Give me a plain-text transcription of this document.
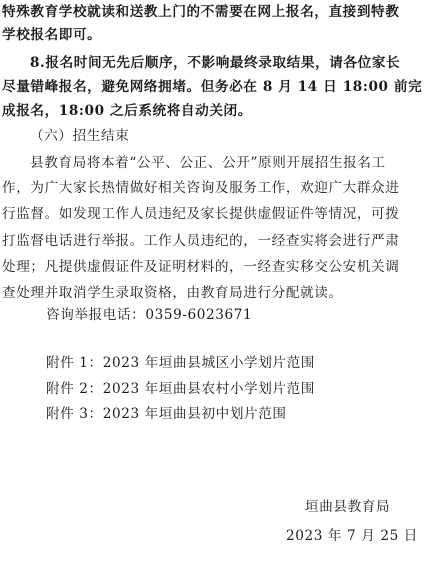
特殊教育学校就读和送教上门的不需要在网上报名，直接到特教
学校报名即可。
8.报名时间无先后顺序，不影响最终录取结果，请各位家长
尽量错峰报名，避免网络拥堵。但务必在 8 月 14 日 18:00 前完
成报名，18:00 之后系统将自动关闭。
（六）招生结束
县教育局将本着“公平、公正、公开”原则开展招生报名工
作，为广大家长热情做好相关咨询及服务工作，欢迎广大群众进
行监督。如发现工作人员违纪及家长提供虚假证件等情况，可拨
打监督电话进行举报。工作人员违纪的，一经查实将会进行严肃
处理；凡提供虚假证件及证明材料的，一经查实移交公安机关调
查处理并取消学生录取资格，由教育局进行分配就读。
咨询举报电话：0359-6023671
附件 1：2023 年垣曲县城区小学划片范围
附件 2：2023 年垣曲县农村小学划片范围
附件 3：2023 年垣曲县初中划片范围
垣曲县教育局
2023 年 7 月 25 日
